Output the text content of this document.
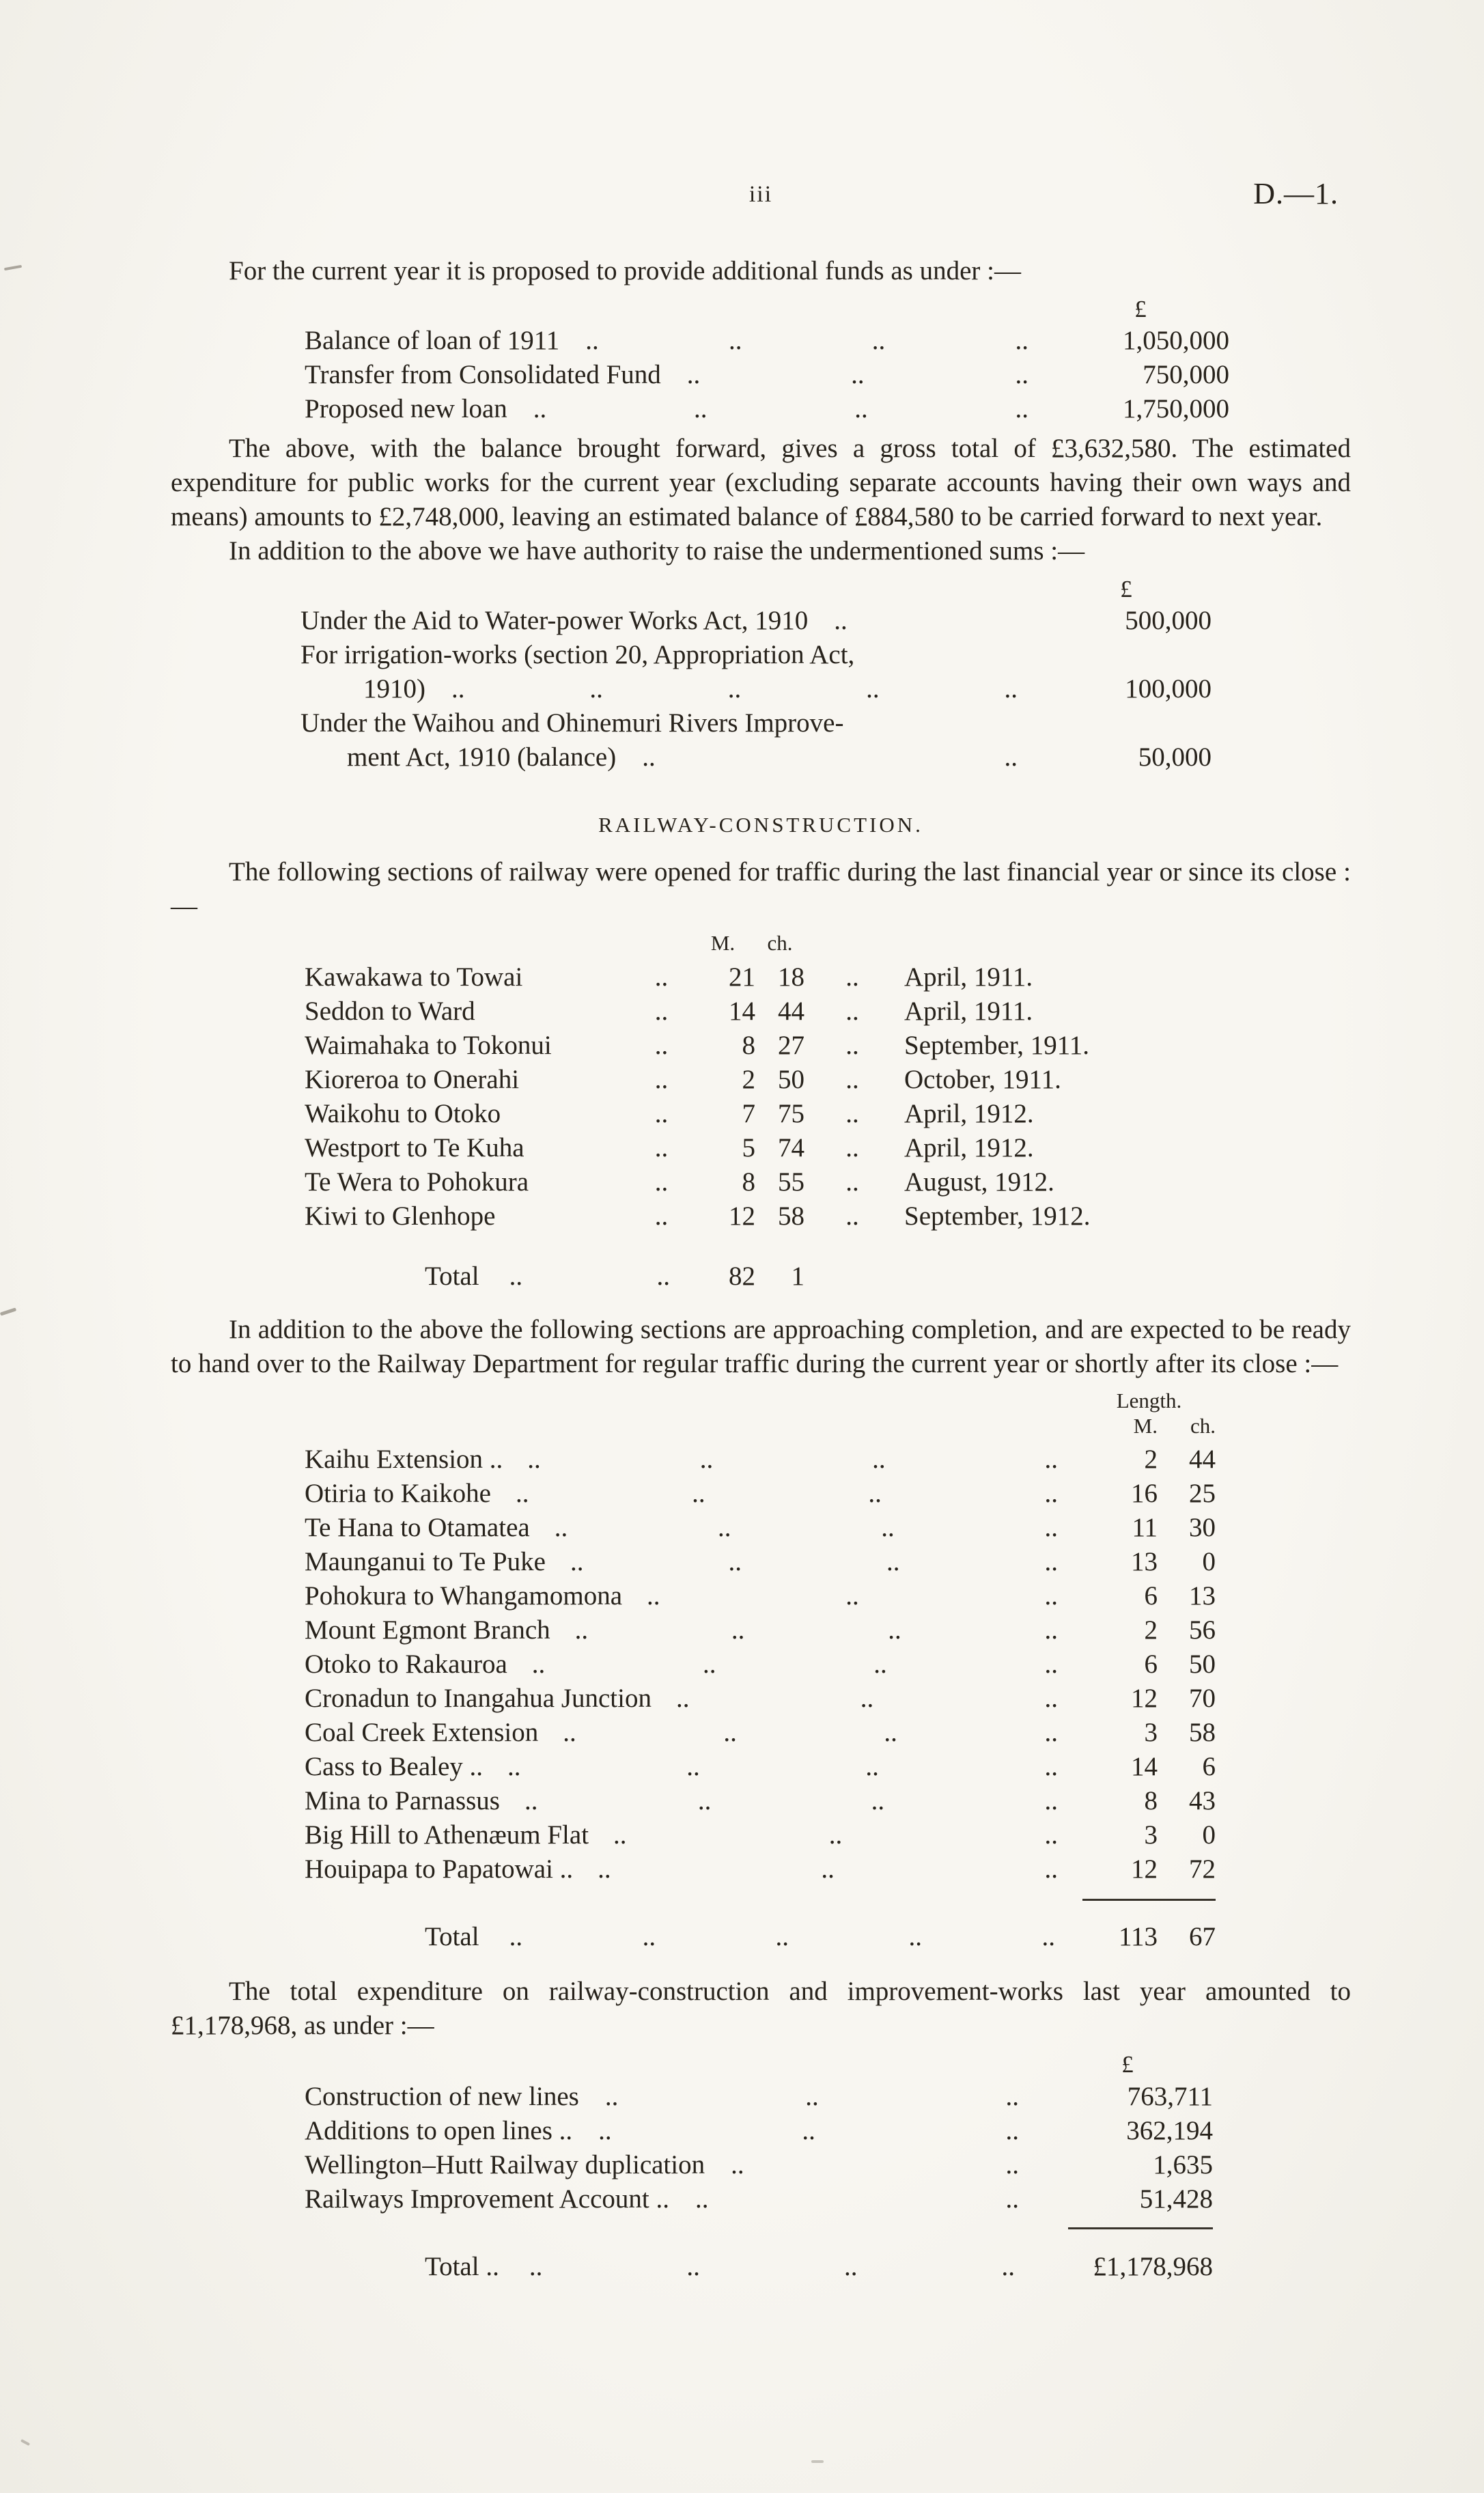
iii	D.—1.

For the current year it is proposed to provide additional funds as under :—

£
Balance of loan of 1911 .. .. .. ..	1,050,000
Transfer from Consolidated Fund .. .. ..	750,000
Proposed new loan .. .. .. ..	1,750,000

The above, with the balance brought forward, gives a gross total of £3,632,580. The estimated expenditure for public works for the current year (excluding separate accounts having their own ways and means) amounts to £2,748,000, leaving an estimated balance of £884,580 to be carried forward to next year.

In addition to the above we have authority to raise the undermentioned sums :—

£
Under the Aid to Water-power Works Act, 1910 ..	500,000
For irrigation-works (section 20, Appropriation Act,
1910) .. .. .. .. ..	100,000
Under the Waihou and Ohinemuri Rivers Improve-
ment Act, 1910 (balance) .. ..	50,000
RAILWAY-CONSTRUCTION.

The following sections of railway were opened for traffic during the last financial year or since its close :—

M.	ch.
Kawakawa to Towai	..	21 18	..	April, 1911.
Seddon to Ward	..	14 44	..	April, 1911.
Waimahaka to Tokonui	..	8 27	..	September, 1911.
Kioreroa to Onerahi	..	2 50	..	October, 1911.
Waikohu to Otoko	..	7 75	..	April, 1912.
Westport to Te Kuha	..	5 74	..	April, 1912.
Te Wera to Pohokura	..	8 55	..	August, 1912.
Kiwi to Glenhope	..	12 58	..	September, 1912.
Total	.. ..	82	1

In addition to the above the following sections are approaching completion, and are expected to be ready to hand over to the Railway Department for regular traffic during the current year or shortly after its close :—

Length.
M.	ch.
Kaihu Extension .. .. .. .. ..	2	44
Otiria to Kaikohe .. .. .. ..	16	25
Te Hana to Otamatea .. .. .. ..	11	30
Maunganui to Te Puke .. .. .. ..	13	0
Pohokura to Whangamomona .. .. ..	6	13
Mount Egmont Branch .. .. .. ..	2	56
Otoko to Rakauroa .. .. .. ..	6	50
Cronadun to Inangahua Junction .. .. ..	12	70
Coal Creek Extension .. .. .. ..	3	58
Cass to Bealey .. .. .. .. ..	14	6
Mina to Parnassus .. .. .. ..	8	43
Big Hill to Athenæum Flat .. .. ..	3	0
Houipapa to Papatowai .. .. .. ..	12	72
Total	.. .. .. .. ..	113	67

The total expenditure on railway-construction and improvement-works last year amounted to £1,178,968, as under :—

£
Construction of new lines .. .. ..	763,711
Additions to open lines .. .. .. ..	362,194
Wellington–Hutt Railway duplication .. ..	1,635
Railways Improvement Account .. .. ..	51,428
Total ..	.. .. .. ..	£1,178,968
